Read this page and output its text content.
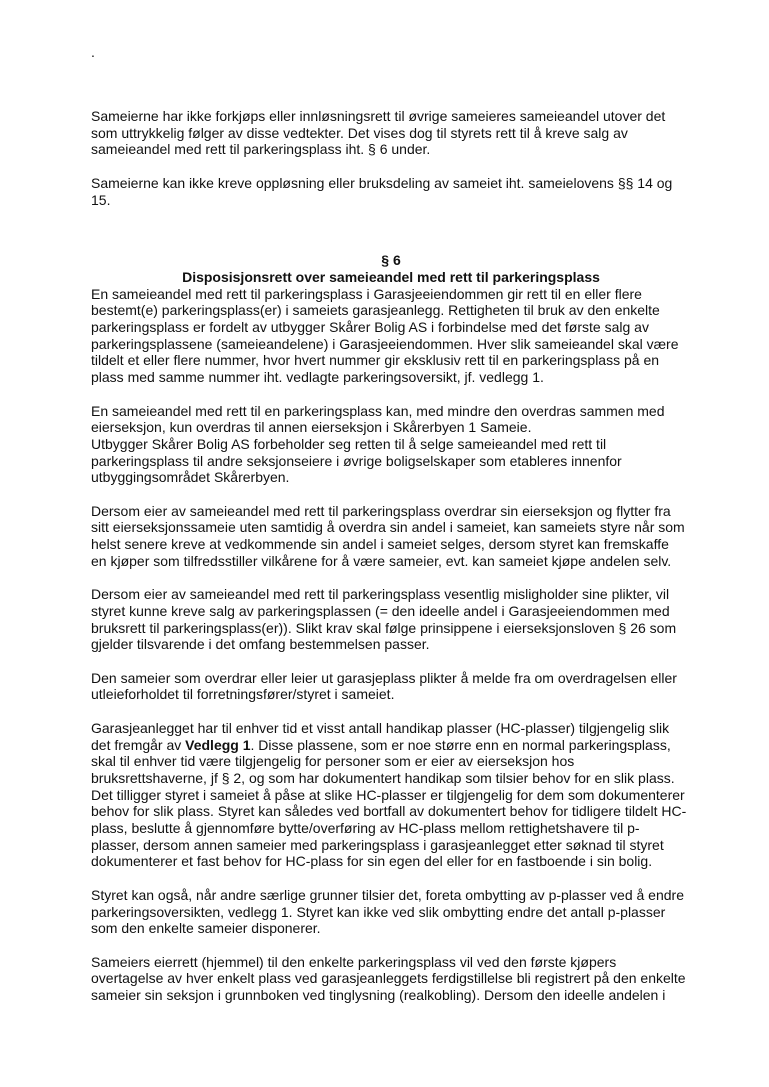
.
Sameierne har ikke forkjøps eller innløsningsrett til øvrige sameieres sameieandel utover det
som uttrykkelig følger av disse vedtekter. Det vises dog til styrets rett til å kreve salg av
sameieandel med rett til parkeringsplass iht. § 6 under.
Sameierne kan ikke kreve oppløsning eller bruksdeling av sameiet iht. sameielovens §§ 14 og
15.
§ 6
Disposisjonsrett over sameieandel med rett til parkeringsplass
En sameieandel med rett til parkeringsplass i Garasjeeiendommen gir rett til en eller flere
bestemt(e) parkeringsplass(er) i sameiets garasjeanlegg. Rettigheten til bruk av den enkelte
parkeringsplass er fordelt av utbygger Skårer Bolig AS i forbindelse med det første salg av
parkeringsplassene (sameieandelene) i Garasjeeiendommen. Hver slik sameieandel skal være
tildelt et eller flere nummer, hvor hvert nummer gir eksklusiv rett til en parkeringsplass på en
plass med samme nummer iht. vedlagte parkeringsoversikt, jf. vedlegg 1.
En sameieandel med rett til en parkeringsplass kan, med mindre den overdras sammen med
eierseksjon, kun overdras til annen eierseksjon i Skårerbyen 1 Sameie.
Utbygger Skårer Bolig AS forbeholder seg retten til å selge sameieandel med rett til
parkeringsplass til andre seksjonseiere i øvrige boligselskaper som etableres innenfor
utbyggingsområdet Skårerbyen.
Dersom eier av sameieandel med rett til parkeringsplass overdrar sin eierseksjon og flytter fra
sitt eierseksjonssameie uten samtidig å overdra sin andel i sameiet, kan sameiets styre når som
helst senere kreve at vedkommende sin andel i sameiet selges, dersom styret kan fremskaffe
en kjøper som tilfredsstiller vilkårene for å være sameier, evt. kan sameiet kjøpe andelen selv.
Dersom eier av sameieandel med rett til parkeringsplass vesentlig misligholder sine plikter, vil
styret kunne kreve salg av parkeringsplassen (= den ideelle andel i Garasjeeiendommen med
bruksrett til parkeringsplass(er)). Slikt krav skal følge prinsippene i eierseksjonsloven § 26 som
gjelder tilsvarende i det omfang bestemmelsen passer.
Den sameier som overdrar eller leier ut garasjeplass plikter å melde fra om overdragelsen eller
utleieforholdet til forretningsfører/styret i sameiet.
Garasjeanlegget har til enhver tid et visst antall handikap plasser (HC-plasser) tilgjengelig slik
det fremgår av Vedlegg 1. Disse plassene, som er noe større enn en normal parkeringsplass,
skal til enhver tid være tilgjengelig for personer som er eier av eierseksjon hos
bruksrettshaverne, jf § 2, og som har dokumentert handikap som tilsier behov for en slik plass.
Det tilligger styret i sameiet å påse at slike HC-plasser er tilgjengelig for dem som dokumenterer
behov for slik plass. Styret kan således ved bortfall av dokumentert behov for tidligere tildelt HC-
plass, beslutte å gjennomføre bytte/overføring av HC-plass mellom rettighetshavere til p-
plasser, dersom annen sameier med parkeringsplass i garasjeanlegget etter søknad til styret
dokumenterer et fast behov for HC-plass for sin egen del eller for en fastboende i sin bolig.
Styret kan også, når andre særlige grunner tilsier det, foreta ombytting av p-plasser ved å endre
parkeringsoversikten, vedlegg 1. Styret kan ikke ved slik ombytting endre det antall p-plasser
som den enkelte sameier disponerer.
Sameiers eierrett (hjemmel) til den enkelte parkeringsplass vil ved den første kjøpers
overtagelse av hver enkelt plass ved garasjeanleggets ferdigstillelse bli registrert på den enkelte
sameier sin seksjon i grunnboken ved tinglysning (realkobling). Dersom den ideelle andelen i
